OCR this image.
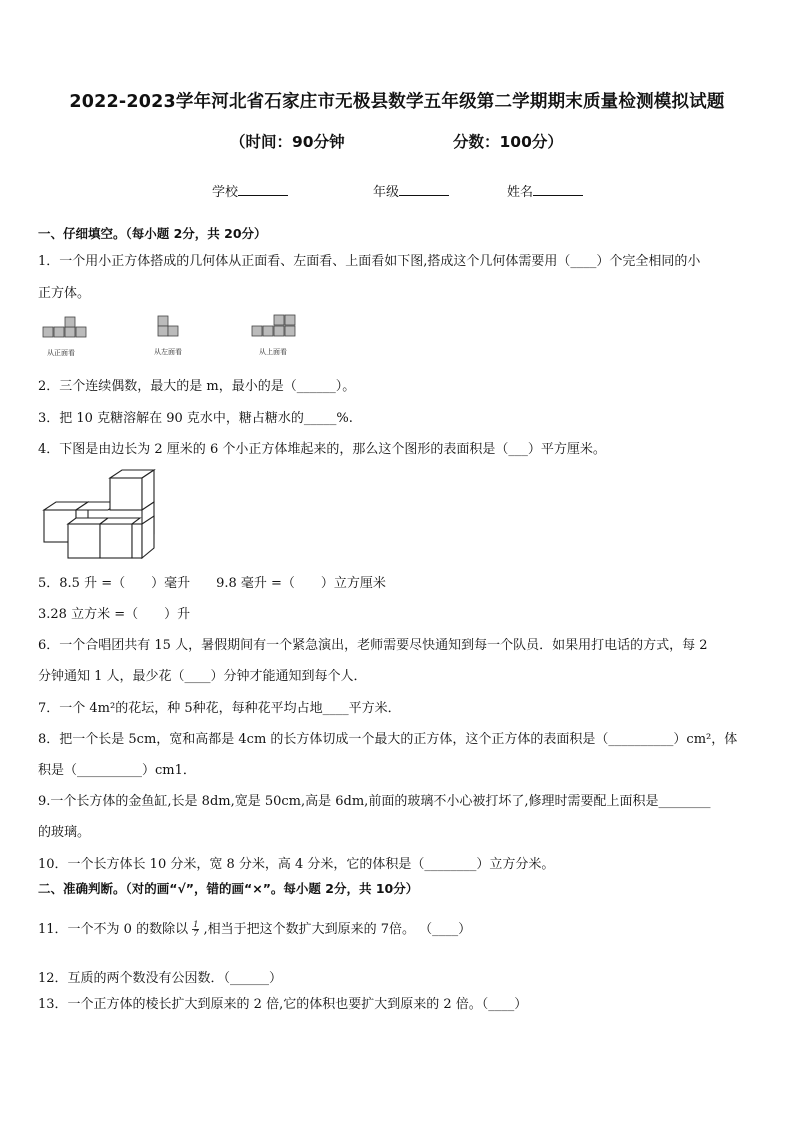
2022-2023学年河北省石家庄市无极县数学五年级第二学期期末质量检测模拟试题
（时间：90分钟	分数：100分）
学校	年级	姓名
一、仔细填空。（每小题 2分，共 20分）
1．一个用小正方体搭成的几何体从正面看、左面看、上面看如下图,搭成这个几何体需要用（____）个完全相同的小
正方体。
从正面看	从左面看	从上面看
2．三个连续偶数，最大的是 m，最小的是（______）。
3．把 10 克糖溶解在 90 克水中，糖占糖水的_____%.
4．下图是由边长为 2 厘米的 6 个小正方体堆起来的，那么这个图形的表面积是（___）平方厘米。
5．8.5 升 =（　　）毫升　　9.8 毫升 =（　　）立方厘米
3.28 立方米 =（　　）升
6．一个合唱团共有 15 人，暑假期间有一个紧急演出，老师需要尽快通知到每一个队员．如果用打电话的方式，每 2
分钟通知 1 人，最少花（____）分钟才能通知到每个人．
7．一个 4m²的花坛，种 5种花，每种花平均占地____平方米．
8．把一个长是 5cm，宽和高都是 4cm 的长方体切成一个最大的正方体，这个正方体的表面积是（__________）cm²，体
积是（__________）cm1．
9.一个长方体的金鱼缸,长是 8dm,宽是 50cm,高是 6dm,前面的玻璃不小心被打坏了,修理时需要配上面积是________
的玻璃。
10．一个长方体长 10 分米，宽 8 分米，高 4 分米，它的体积是（________）立方分米。
二、准确判断。（对的画“√”，错的画“×”。每小题 2分，共 10分）
11．一个不为 0 的数除以 $\frac{1}{7}$ ,相当于把这个数扩大到原来的 7倍。 （____）
12．互质的两个数没有公因数．（______）
13．一个正方体的棱长扩大到原来的 2 倍,它的体积也要扩大到原来的 2 倍。（____）
